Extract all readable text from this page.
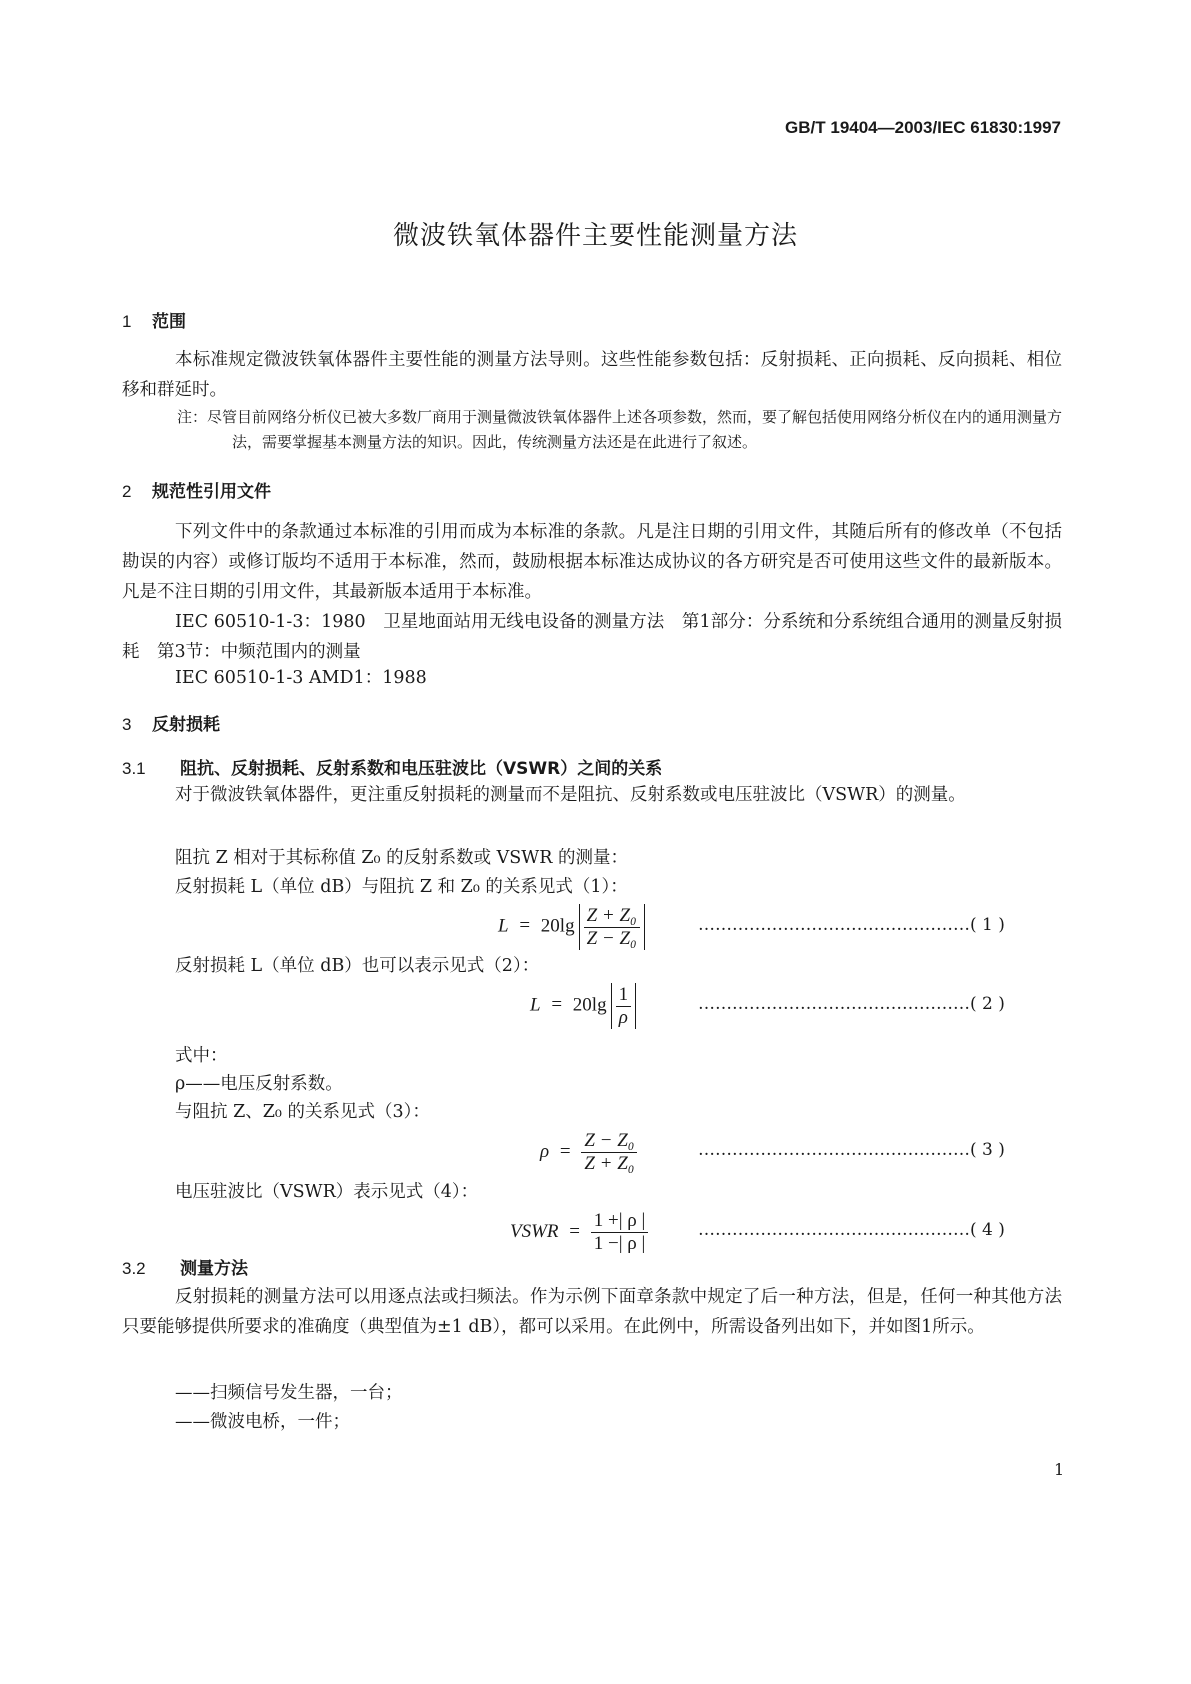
GB/T 19404—2003/IEC 61830:1997
微波铁氧体器件主要性能测量方法
1 范围
本标准规定微波铁氧体器件主要性能的测量方法导则。这些性能参数包括：反射损耗、正向损耗、反向损耗、相位移和群延时。
注：尽管目前网络分析仪已被大多数厂商用于测量微波铁氧体器件上述各项参数，然而，要了解包括使用网络分析仪在内的通用测量方法，需要掌握基本测量方法的知识。因此，传统测量方法还是在此进行了叙述。
2 规范性引用文件
下列文件中的条款通过本标准的引用而成为本标准的条款。凡是注日期的引用文件，其随后所有的修改单（不包括勘误的内容）或修订版均不适用于本标准，然而，鼓励根据本标准达成协议的各方研究是否可使用这些文件的最新版本。凡是不注日期的引用文件，其最新版本适用于本标准。
IEC 60510-1-3：1980　卫星地面站用无线电设备的测量方法　第1部分：分系统和分系统组合通用的测量反射损耗　第3节：中频范围内的测量
IEC 60510-1-3 AMD1：1988
3 反射损耗
3.1 阻抗、反射损耗、反射系数和电压驻波比（VSWR）之间的关系
对于微波铁氧体器件，更注重反射损耗的测量而不是阻抗、反射系数或电压驻波比（VSWR）的测量。
阻抗 Z 相对于其标称值 Z₀ 的反射系数或 VSWR 的测量：
反射损耗 L（单位 dB）与阻抗 Z 和 Z₀ 的关系见式（1）：
$L = 20\lg \frac{\text{Z + Z₀}}{\text{Z − Z₀}}$	…………………………………………( 1 )
反射损耗 L（单位 dB）也可以表示见式（2）：
$L = 20\lg \frac{1}{\rho}$	…………………………………………( 2 )
式中：
ρ——电压反射系数。
与阻抗 Z、Z₀ 的关系见式（3）：
$\rho = \frac{\text{Z − Z₀}}{\text{Z + Z₀}}$	…………………………………………( 3 )
电压驻波比（VSWR）表示见式（4）：
VSWR = $\frac{1 +| \rho |}{1 -| \rho |}$	…………………………………………( 4 )
3.2 测量方法
反射损耗的测量方法可以用逐点法或扫频法。作为示例下面章条款中规定了后一种方法，但是，任何一种其他方法只要能够提供所要求的准确度（典型值为±1 dB），都可以采用。在此例中，所需设备列出如下，并如图1所示。
——扫频信号发生器，一台；
——微波电桥，一件；
1
